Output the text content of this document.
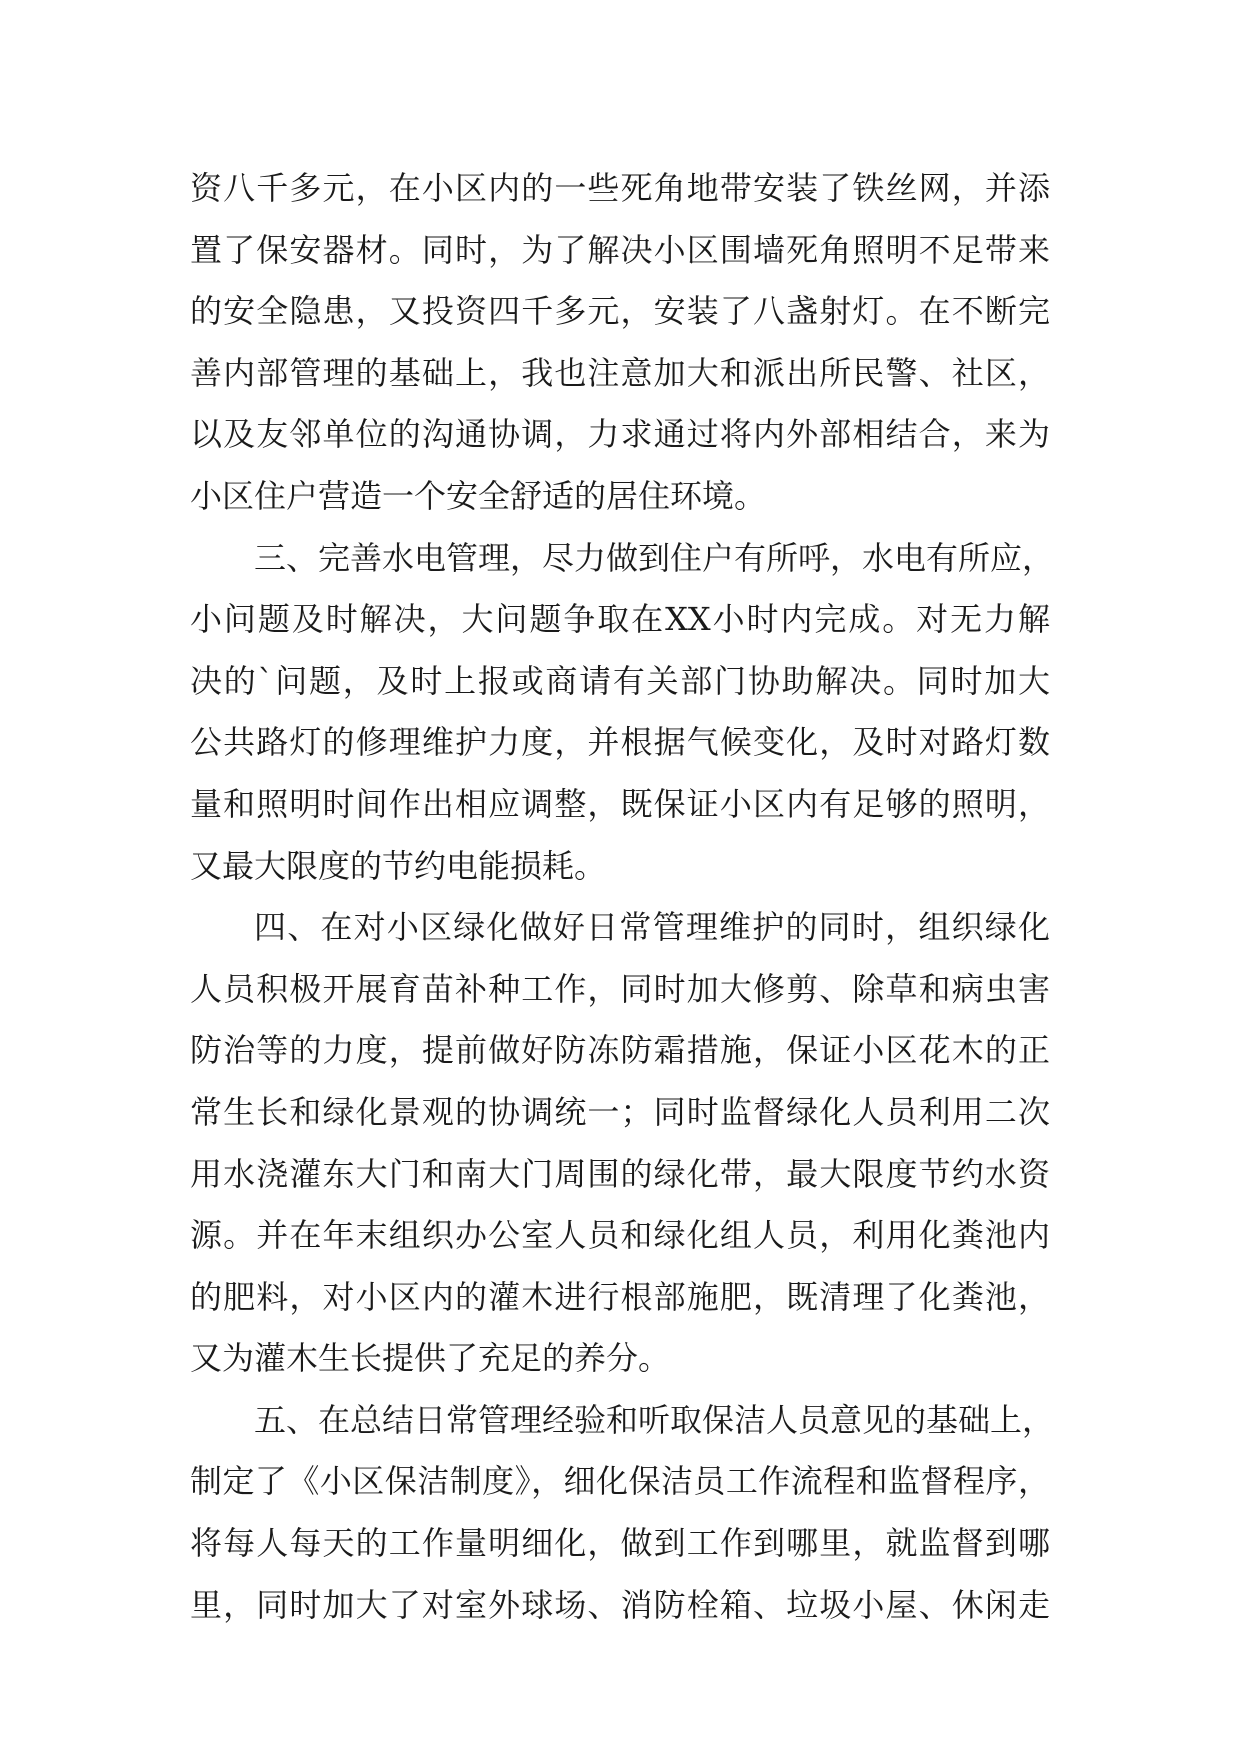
资八千多元，在小区内的一些死角地带安装了铁丝网，并添
置了保安器材。同时，为了解决小区围墙死角照明不足带来
的安全隐患，又投资四千多元，安装了八盏射灯。在不断完
善内部管理的基础上，我也注意加大和派出所民警、社区，
以及友邻单位的沟通协调，力求通过将内外部相结合，来为
小区住户营造一个安全舒适的居住环境。
三、完善水电管理，尽力做到住户有所呼，水电有所应，
小问题及时解决，大问题争取在XX小时内完成。对无力解
决的`问题，及时上报或商请有关部门协助解决。同时加大
公共路灯的修理维护力度，并根据气候变化，及时对路灯数
量和照明时间作出相应调整，既保证小区内有足够的照明，
又最大限度的节约电能损耗。
四、在对小区绿化做好日常管理维护的同时，组织绿化
人员积极开展育苗补种工作，同时加大修剪、除草和病虫害
防治等的力度，提前做好防冻防霜措施，保证小区花木的正
常生长和绿化景观的协调统一；同时监督绿化人员利用二次
用水浇灌东大门和南大门周围的绿化带，最大限度节约水资
源。并在年末组织办公室人员和绿化组人员，利用化粪池内
的肥料，对小区内的灌木进行根部施肥，既清理了化粪池，
又为灌木生长提供了充足的养分。
五、在总结日常管理经验和听取保洁人员意见的基础上，
制定了《小区保洁制度》，细化保洁员工作流程和监督程序，
将每人每天的工作量明细化，做到工作到哪里，就监督到哪
里，同时加大了对室外球场、消防栓箱、垃圾小屋、休闲走
